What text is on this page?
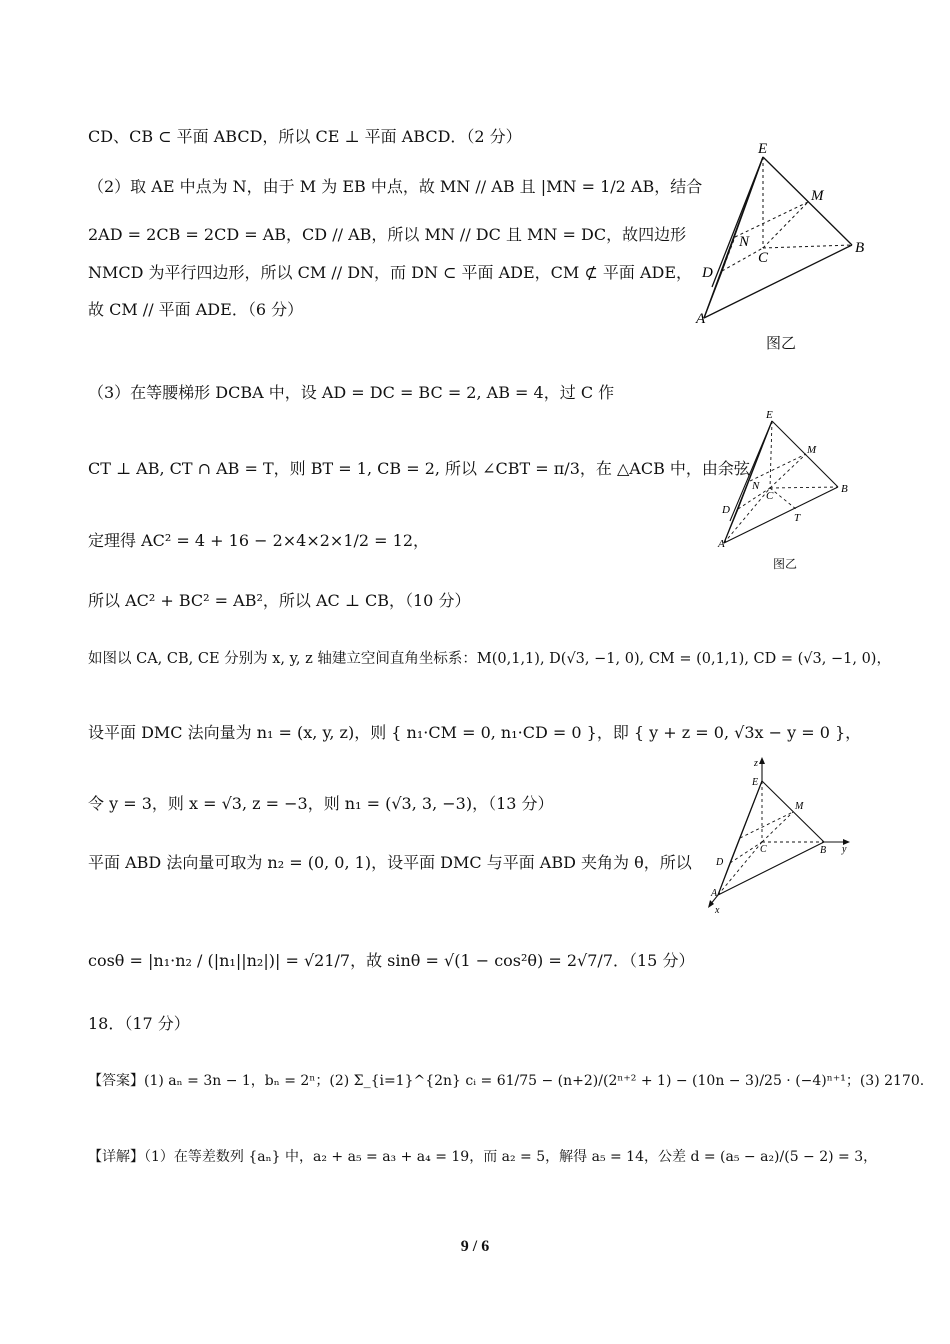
CD、CB ⊂ 平面 ABCD，所以 CE ⊥ 平面 ABCD．（2 分）
（2）取 AE 中点为 N，由于 M 为 EB 中点，故 MN // AB 且 |MN = 1/2 AB，结合
2AD = 2CB = 2CD = AB，CD // AB，所以 MN // DC 且 MN = DC，故四边形
NMCD 为平行四边形，所以 CM // DN，而 DN ⊂ 平面 ADE，CM ⊄ 平面 ADE，
故 CM // 平面 ADE．（6 分）
（3）在等腰梯形 DCBA 中，设 AD = DC = BC = 2, AB = 4，过 C 作
CT ⊥ AB, CT ∩ AB = T，则 BT = 1, CB = 2, 所以 ∠CBT = π/3，在 △ACB 中，由余弦
定理得 AC² = 4 + 16 − 2×4×2×1/2 = 12，
所以 AC² + BC² = AB²，所以 AC ⊥ CB，（10 分）
如图以 CA, CB, CE 分别为 x, y, z 轴建立空间直角坐标系：M(0,1,1), D(√3, −1, 0), CM = (0,1,1), CD = (√3, −1, 0)，
设平面 DMC 法向量为 n₁ = (x, y, z)，则 { n₁·CM = 0, n₁·CD = 0 }，即 { y + z = 0, √3x − y = 0 }，
令 y = 3，则 x = √3, z = −3，则 n₁ = (√3, 3, −3)，（13 分）
平面 ABD 法向量可取为 n₂ = (0, 0, 1)，设平面 DMC 与平面 ABD 夹角为 θ，所以
cosθ = |n₁·n₂ / (|n₁||n₂|)| = √21/7，故 sinθ = √(1 − cos²θ) = 2√7/7．（15 分）
18．（17 分）
【答案】(1) aₙ = 3n − 1，bₙ = 2ⁿ；(2) Σ_{i=1}^{2n} cᵢ = 61/75 − (n+2)/(2ⁿ⁺² + 1) − (10n − 3)/25 · (−4)ⁿ⁺¹；(3) 2170.
【详解】（1）在等差数列 {aₙ} 中，a₂ + a₅ = a₃ + a₄ = 19，而 a₂ = 5，解得 a₅ = 14，公差 d = (a₅ − a₂)/(5 − 2) = 3，
E
M
N
C
B
D
A
图乙
E
M
N
C
B
D
T
A
图乙
z
E
M
C	B y
D
A
x
9 / 6
